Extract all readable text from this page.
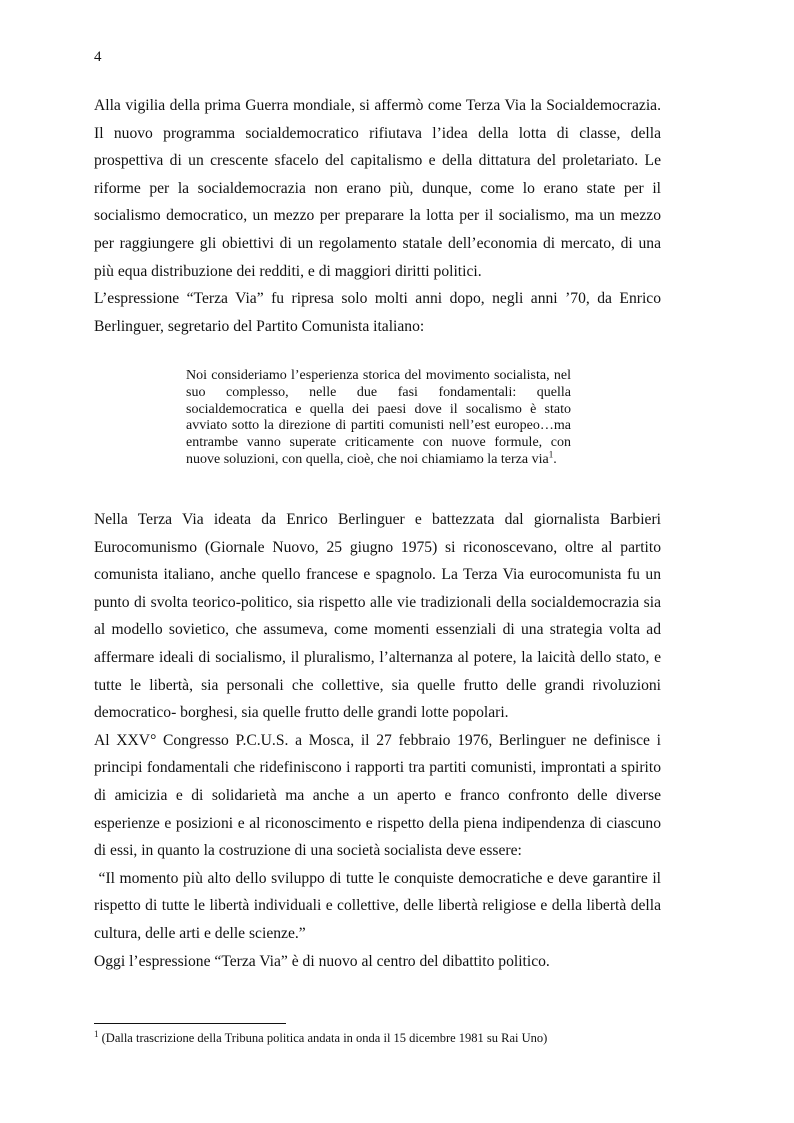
4

Alla vigilia della prima Guerra mondiale, si affermò come Terza Via la Socialdemocrazia. Il nuovo programma socialdemocratico rifiutava l’idea della lotta di classe, della prospettiva di un crescente sfacelo del capitalismo e della dittatura del proletariato. Le riforme per la socialdemocrazia non erano più, dunque, come lo erano state per il socialismo democratico, un mezzo per preparare la lotta per il socialismo, ma un mezzo per raggiungere gli obiettivi di un regolamento statale dell’economia di mercato, di una più equa distribuzione dei redditi, e di maggiori diritti politici.

L’espressione “Terza Via” fu ripresa solo molti anni dopo, negli anni ’70, da Enrico Berlinguer, segretario del Partito Comunista italiano:

Noi consideriamo l’esperienza storica del movimento socialista, nel suo complesso, nelle due fasi fondamentali: quella socialdemocratica e quella dei paesi dove il socalismo è stato avviato sotto la direzione di partiti comunisti nell’est europeo…ma entrambe vanno superate criticamente con nuove formule, con nuove soluzioni, con quella, cioè, che noi chiamiamo la terza via$^1$.

Nella Terza Via ideata da Enrico Berlinguer e battezzata dal giornalista Barbieri Eurocomunismo (Giornale Nuovo, 25 giugno 1975) si riconoscevano, oltre al partito comunista italiano, anche quello francese e spagnolo. La Terza Via eurocomunista fu un punto di svolta teorico-politico, sia rispetto alle vie tradizionali della socialdemocrazia sia al modello sovietico, che assumeva, come momenti essenziali di una strategia volta ad affermare ideali di socialismo, il pluralismo, l’alternanza al potere, la laicità dello stato, e tutte le libertà, sia personali che collettive, sia quelle frutto delle grandi rivoluzioni democratico- borghesi, sia quelle frutto delle grandi lotte popolari.

Al XXV° Congresso P.C.U.S. a Mosca, il 27 febbraio 1976, Berlinguer ne definisce i principi fondamentali che ridefiniscono i rapporti tra partiti comunisti, improntati a spirito di amicizia e di solidarietà ma anche a un aperto e franco confronto delle diverse esperienze e posizioni e al riconoscimento e rispetto della piena indipendenza di ciascuno di essi, in quanto la costruzione di una società socialista deve essere:

“Il momento più alto dello sviluppo di tutte le conquiste democratiche e deve garantire il rispetto di tutte le libertà individuali e collettive, delle libertà religiose e della libertà della cultura, delle arti e delle scienze.”

Oggi l’espressione “Terza Via” è di nuovo al centro del dibattito politico.

$^1$ (Dalla trascrizione della Tribuna politica andata in onda il 15 dicembre 1981 su Rai Uno)
